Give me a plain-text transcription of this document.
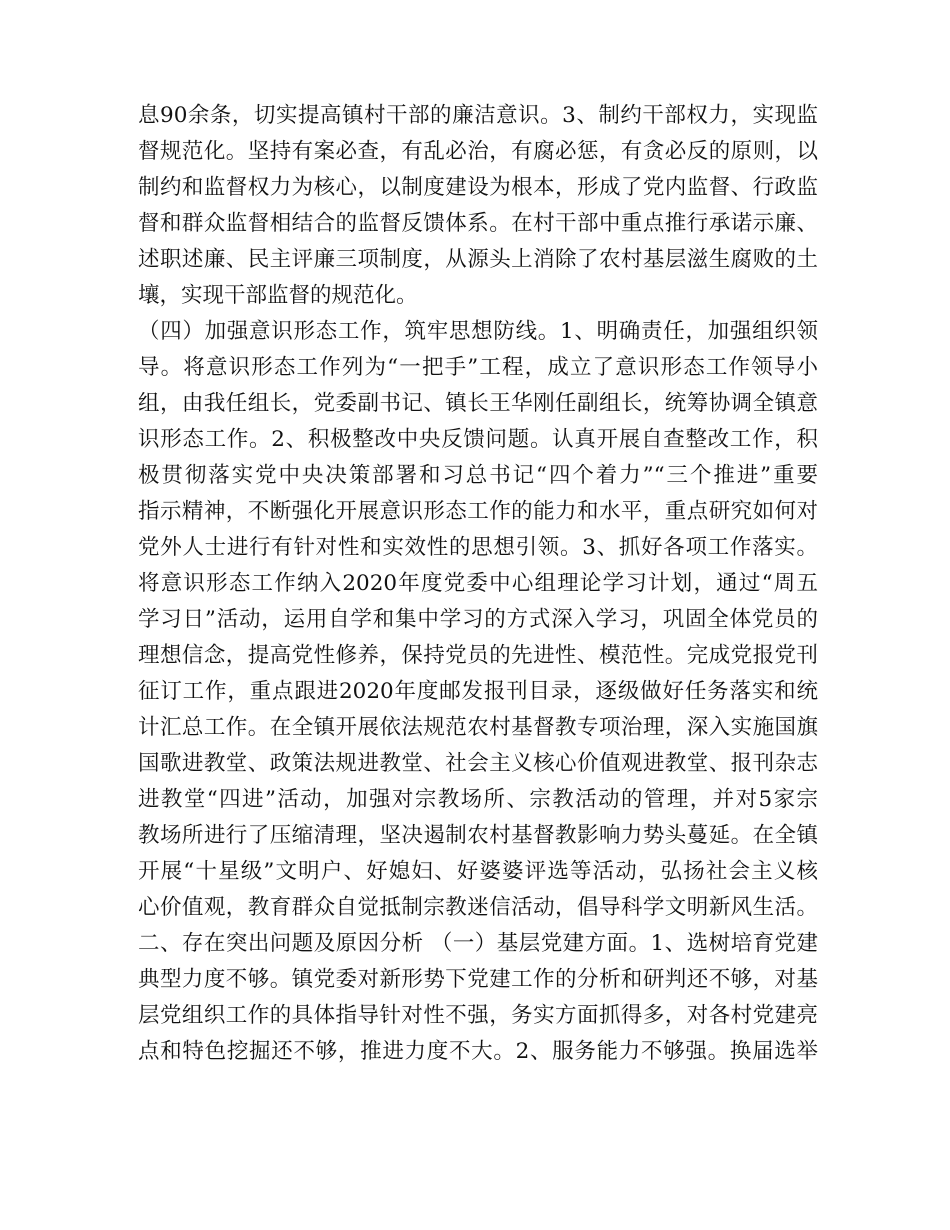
息90余条，切实提高镇村干部的廉洁意识。3、制约干部权力，实现监
督规范化。坚持有案必查，有乱必治，有腐必惩，有贪必反的原则，以
制约和监督权力为核心，以制度建设为根本，形成了党内监督、行政监
督和群众监督相结合的监督反馈体系。在村干部中重点推行承诺示廉、
述职述廉、民主评廉三项制度，从源头上消除了农村基层滋生腐败的土
壤，实现干部监督的规范化。
（四）加强意识形态工作，筑牢思想防线。1、明确责任，加强组织领
导。将意识形态工作列为“一把手”工程，成立了意识形态工作领导小
组，由我任组长，党委副书记、镇长王华刚任副组长，统筹协调全镇意
识形态工作。2、积极整改中央反馈问题。认真开展自查整改工作，积
极贯彻落实党中央决策部署和习总书记“四个着力”“三个推进”重要
指示精神，不断强化开展意识形态工作的能力和水平，重点研究如何对
党外人士进行有针对性和实效性的思想引领。3、抓好各项工作落实。
将意识形态工作纳入2020年度党委中心组理论学习计划，通过“周五
学习日”活动，运用自学和集中学习的方式深入学习，巩固全体党员的
理想信念，提高党性修养，保持党员的先进性、模范性。完成党报党刊
征订工作，重点跟进2020年度邮发报刊目录，逐级做好任务落实和统
计汇总工作。在全镇开展依法规范农村基督教专项治理，深入实施国旗
国歌进教堂、政策法规进教堂、社会主义核心价值观进教堂、报刊杂志
进教堂“四进”活动，加强对宗教场所、宗教活动的管理，并对5家宗
教场所进行了压缩清理，坚决遏制农村基督教影响力势头蔓延。在全镇
开展“十星级”文明户、好媳妇、好婆婆评选等活动，弘扬社会主义核
心价值观，教育群众自觉抵制宗教迷信活动，倡导科学文明新风生活。
二、存在突出问题及原因分析 （一）基层党建方面。1、选树培育党建
典型力度不够。镇党委对新形势下党建工作的分析和研判还不够，对基
层党组织工作的具体指导针对性不强，务实方面抓得多，对各村党建亮
点和特色挖掘还不够，推进力度不大。2、服务能力不够强。换届选举
